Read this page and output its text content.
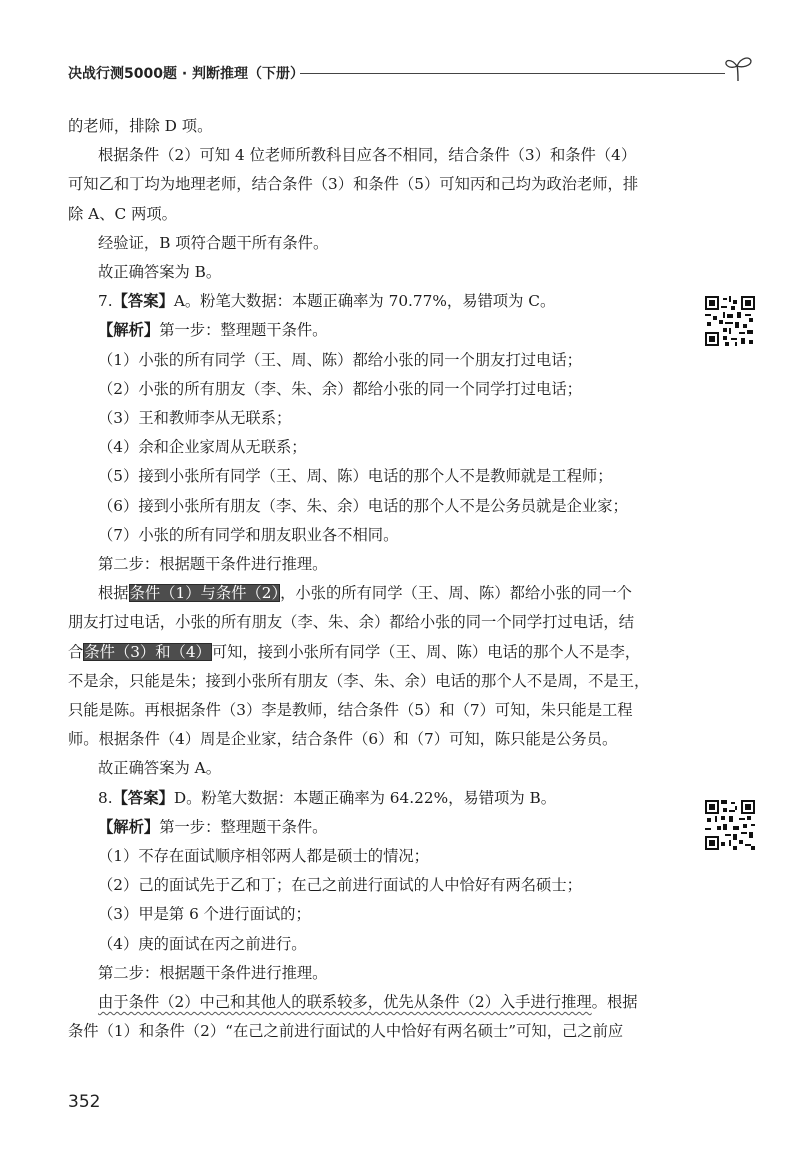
决战行测5000题 · 判断推理（下册）

的老师，排除 D 项。

根据条件（2）可知 4 位老师所教科目应各不相同，结合条件（3）和条件（4）

可知乙和丁均为地理老师，结合条件（3）和条件（5）可知丙和己均为政治老师，排

除 A、C 两项。

经验证，B 项符合题干所有条件。

故正确答案为 B。

7.【答案】A。粉笔大数据：本题正确率为 70.77%，易错项为 C。

【解析】第一步：整理题干条件。

（1）小张的所有同学（王、周、陈）都给小张的同一个朋友打过电话；

（2）小张的所有朋友（李、朱、余）都给小张的同一个同学打过电话；

（3）王和教师李从无联系；

（4）余和企业家周从无联系；

（5）接到小张所有同学（王、周、陈）电话的那个人不是教师就是工程师；

（6）接到小张所有朋友（李、朱、余）电话的那个人不是公务员就是企业家；

（7）小张的所有同学和朋友职业各不相同。

第二步：根据题干条件进行推理。

根据条件（1）与条件（2），小张的所有同学（王、周、陈）都给小张的同一个

朋友打过电话，小张的所有朋友（李、朱、余）都给小张的同一个同学打过电话，结

合条件（3）和（4）可知，接到小张所有同学（王、周、陈）电话的那个人不是李，

不是余，只能是朱；接到小张所有朋友（李、朱、余）电话的那个人不是周，不是王，

只能是陈。再根据条件（3）李是教师，结合条件（5）和（7）可知，朱只能是工程

师。根据条件（4）周是企业家，结合条件（6）和（7）可知，陈只能是公务员。

故正确答案为 A。

8.【答案】D。粉笔大数据：本题正确率为 64.22%，易错项为 B。

【解析】第一步：整理题干条件。

（1）不存在面试顺序相邻两人都是硕士的情况；

（2）己的面试先于乙和丁；在己之前进行面试的人中恰好有两名硕士；

（3）甲是第 6 个进行面试的；

（4）庚的面试在丙之前进行。

第二步：根据题干条件进行推理。

由于条件（2）中己和其他人的联系较多，优先从条件（2）入手进行推理。根据

条件（1）和条件（2）“在己之前进行面试的人中恰好有两名硕士”可知，己之前应

352
